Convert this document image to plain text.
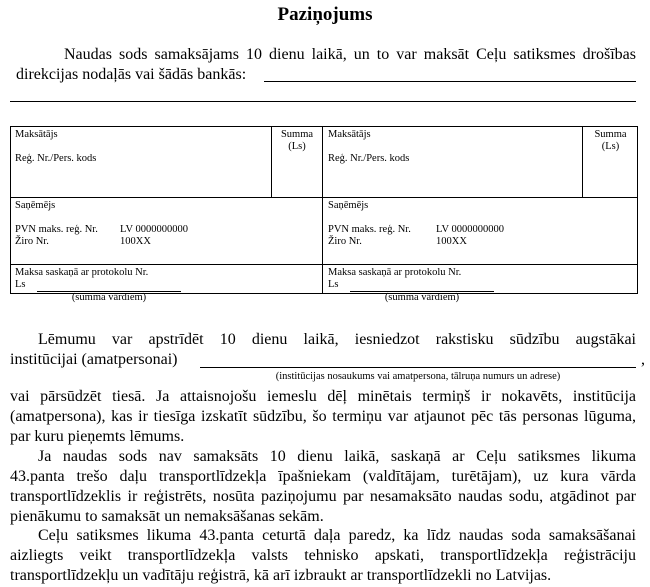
Paziņojums
Naudas sods samaksājams 10 dienu laikā, un to var maksāt Ceļu satiksmes drošības
direkcijas nodaļās vai šādās bankās:
Maksātājs
Reģ. Nr./Pers. kods
Summa
(Ls)
Saņēmējs
PVN maks. reģ. Nr. LV 0000000000
Žiro Nr.	100XX
Maksa saskaņā ar protokolu Nr.
Ls
(summa vārdiem)
Maksātājs
Reģ. Nr./Pers. kods
Summa
(Ls)
Saņēmējs
PVN maks. reģ. Nr. LV 0000000000
Žiro Nr.	100XX
Maksa saskaņā ar protokolu Nr.
Ls
(summa vārdiem)
Lēmumu var apstrīdēt 10 dienu laikā, iesniedzot rakstisku sūdzību augstākai
institūcijai (amatpersonai)	,
(institūcijas nosaukums vai amatpersona, tālruņa numurs un adrese)
vai pārsūdzēt tiesā. Ja attaisnojošu iemeslu dēļ minētais termiņš ir nokavēts, institūcija
(amatpersona), kas ir tiesīga izskatīt sūdzību, šo termiņu var atjaunot pēc tās personas lūguma,
par kuru pieņemts lēmums.
Ja naudas sods nav samaksāts 10 dienu laikā, saskaņā ar Ceļu satiksmes likuma
43.panta trešo daļu transportlīdzekļa īpašniekam (valdītājam, turētājam), uz kura vārda
transportlīdzeklis ir reģistrēts, nosūta paziņojumu par nesamaksāto naudas sodu, atgādinot par
pienākumu to samaksāt un nemaksāšanas sekām.
Ceļu satiksmes likuma 43.panta ceturtā daļa paredz, ka līdz naudas soda samaksāšanai
aizliegts veikt transportlīdzekļa valsts tehnisko apskati, transportlīdzekļa reģistrāciju
transportlīdzekļu un vadītāju reģistrā, kā arī izbraukt ar transportlīdzekli no Latvijas.
